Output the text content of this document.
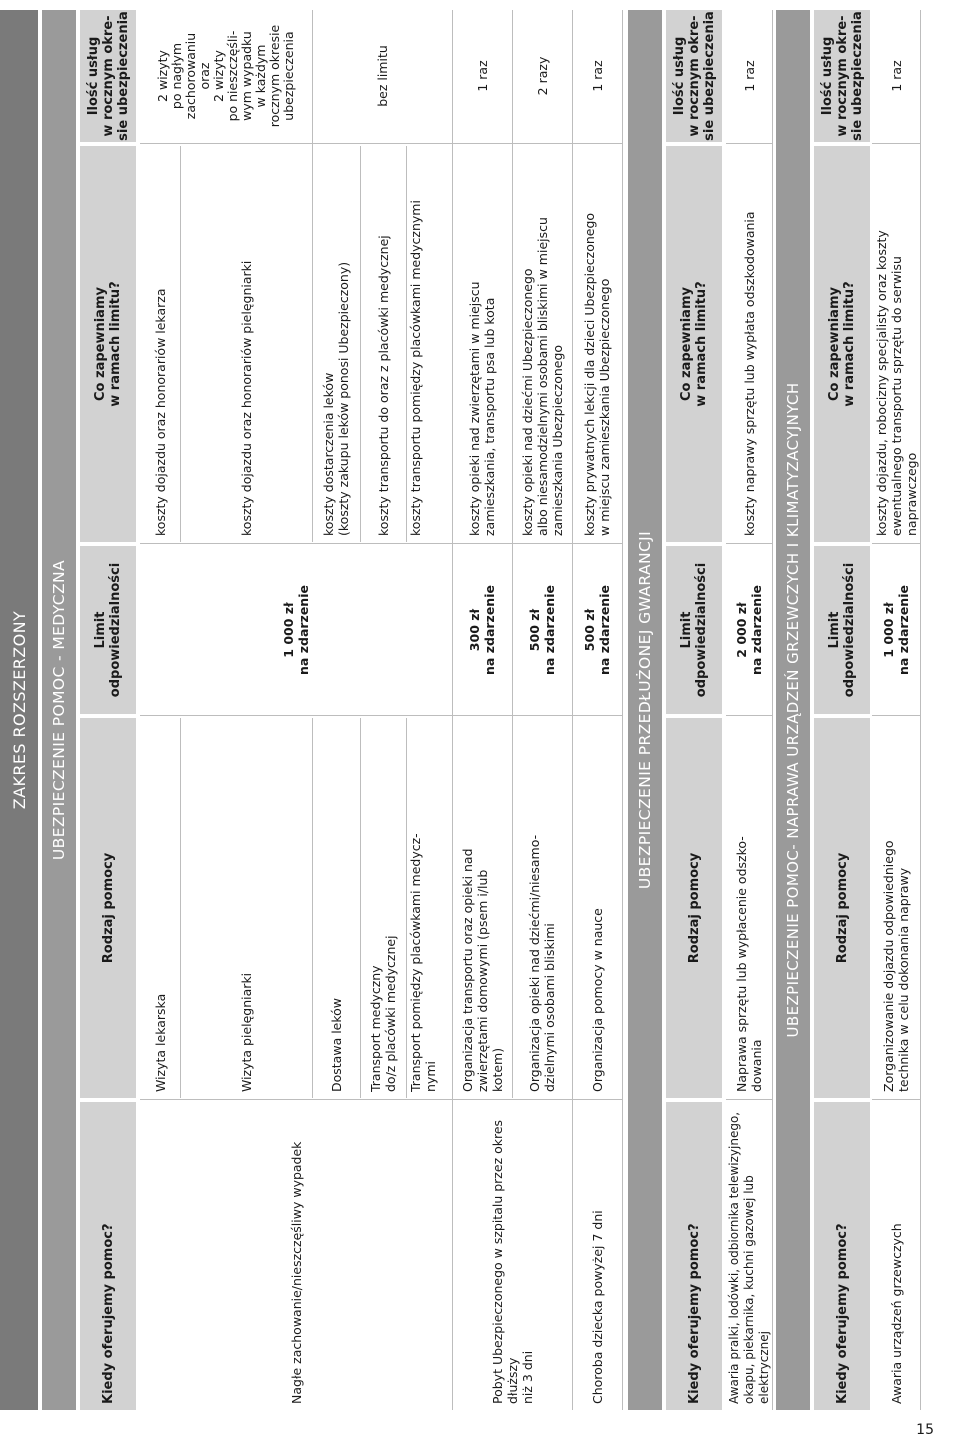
ZAKRES ROZSZERZONY	UBEZPIECZENIE POMOC - MEDYCZNA
Kiedy oferujemy pomoc?
Rodzaj pomocy
Limit
odpowiedzialności
Co zapewniamy
w ramach limitu?
Ilość usług
w rocznym okre-
sie ubezpieczenia
Nagłe zachowanie/nieszczęśliwy wypadek
Wizyta lekarska
koszty dojazdu oraz honorariów lekarza
Wizyta pielęgniarki
koszty dojazdu oraz honorariów pielęgniarki
2 wizyty
po nagłym
zachorowaniu
oraz
2 wizyty
po nieszczęśli-
wym wypadku
w każdym
rocznym okresie
ubezpieczenia
1 000 zł
na zdarzenie
Dostawa leków
koszty dostarczenia leków
(koszty zakupu leków ponosi Ubezpieczony)
Transport medyczny
do/z placówki medycznej
koszty transportu do oraz z placówki medycznej
Transport pomiędzy placówkami medycz-
nymi
koszty transportu pomiędzy placówkami medycznymi
bez limitu
Pobyt Ubezpieczonego w szpitalu przez okres dłuższy
niż 3 dni
Organizacja transportu oraz opieki nad
zwierzętami domowymi (psem i/lub
kotem)
300 zł
na zdarzenie
koszty opieki nad zwierzętami w miejscu
zamieszkania, transportu psa lub kota
1 raz
Organizacja opieki nad dziećmi/niesamo-
dzielnymi osobami bliskimi
500 zł
na zdarzenie
koszty opieki nad dziećmi Ubezpieczonego
albo niesamodzielnymi osobami bliskimi w miejscu
zamieszkania Ubezpieczonego
2 razy
Choroba dziecka powyżej 7 dni
Organizacja pomocy w nauce
500 zł
na zdarzenie
koszty prywatnych lekcji dla dzieci Ubezpieczonego
w miejscu zamieszkania Ubezpieczonego
1 raz
UBEZPIECZENIE PRZEDŁUŻONEJ GWARANCJI
Kiedy oferujemy pomoc?
Rodzaj pomocy
Limit
odpowiedzialności
Co zapewniamy
w ramach limitu?
Ilość usług
w rocznym okre-
sie ubezpieczenia
Awaria pralki, lodówki, odbiornika telewizyjnego,
okapu, piekarnika, kuchni gazowej lub elektrycznej
Naprawa sprzętu lub wypłacenie odszko-
dowania
2 000 zł
na zdarzenie
koszty naprawy sprzętu lub wypłata odszkodowania
1 raz
UBEZPIECZENIE POMOC- NAPRAWA URZĄDZEŃ GRZEWCZYCH I KLIMATYZACYJNYCH
Kiedy oferujemy pomoc?
Rodzaj pomocy
Limit
odpowiedzialności
Co zapewniamy
w ramach limitu?
Ilość usług
w rocznym okre-
sie ubezpieczenia
Awaria urządzeń grzewczych
Zorganizowanie dojazdu odpowiedniego
technika w celu dokonania naprawy
1 000 zł
na zdarzenie
koszty dojazdu, robocizny specjalisty oraz koszty
ewentualnego transportu sprzętu do serwisu
naprawczego
1 raz
15
